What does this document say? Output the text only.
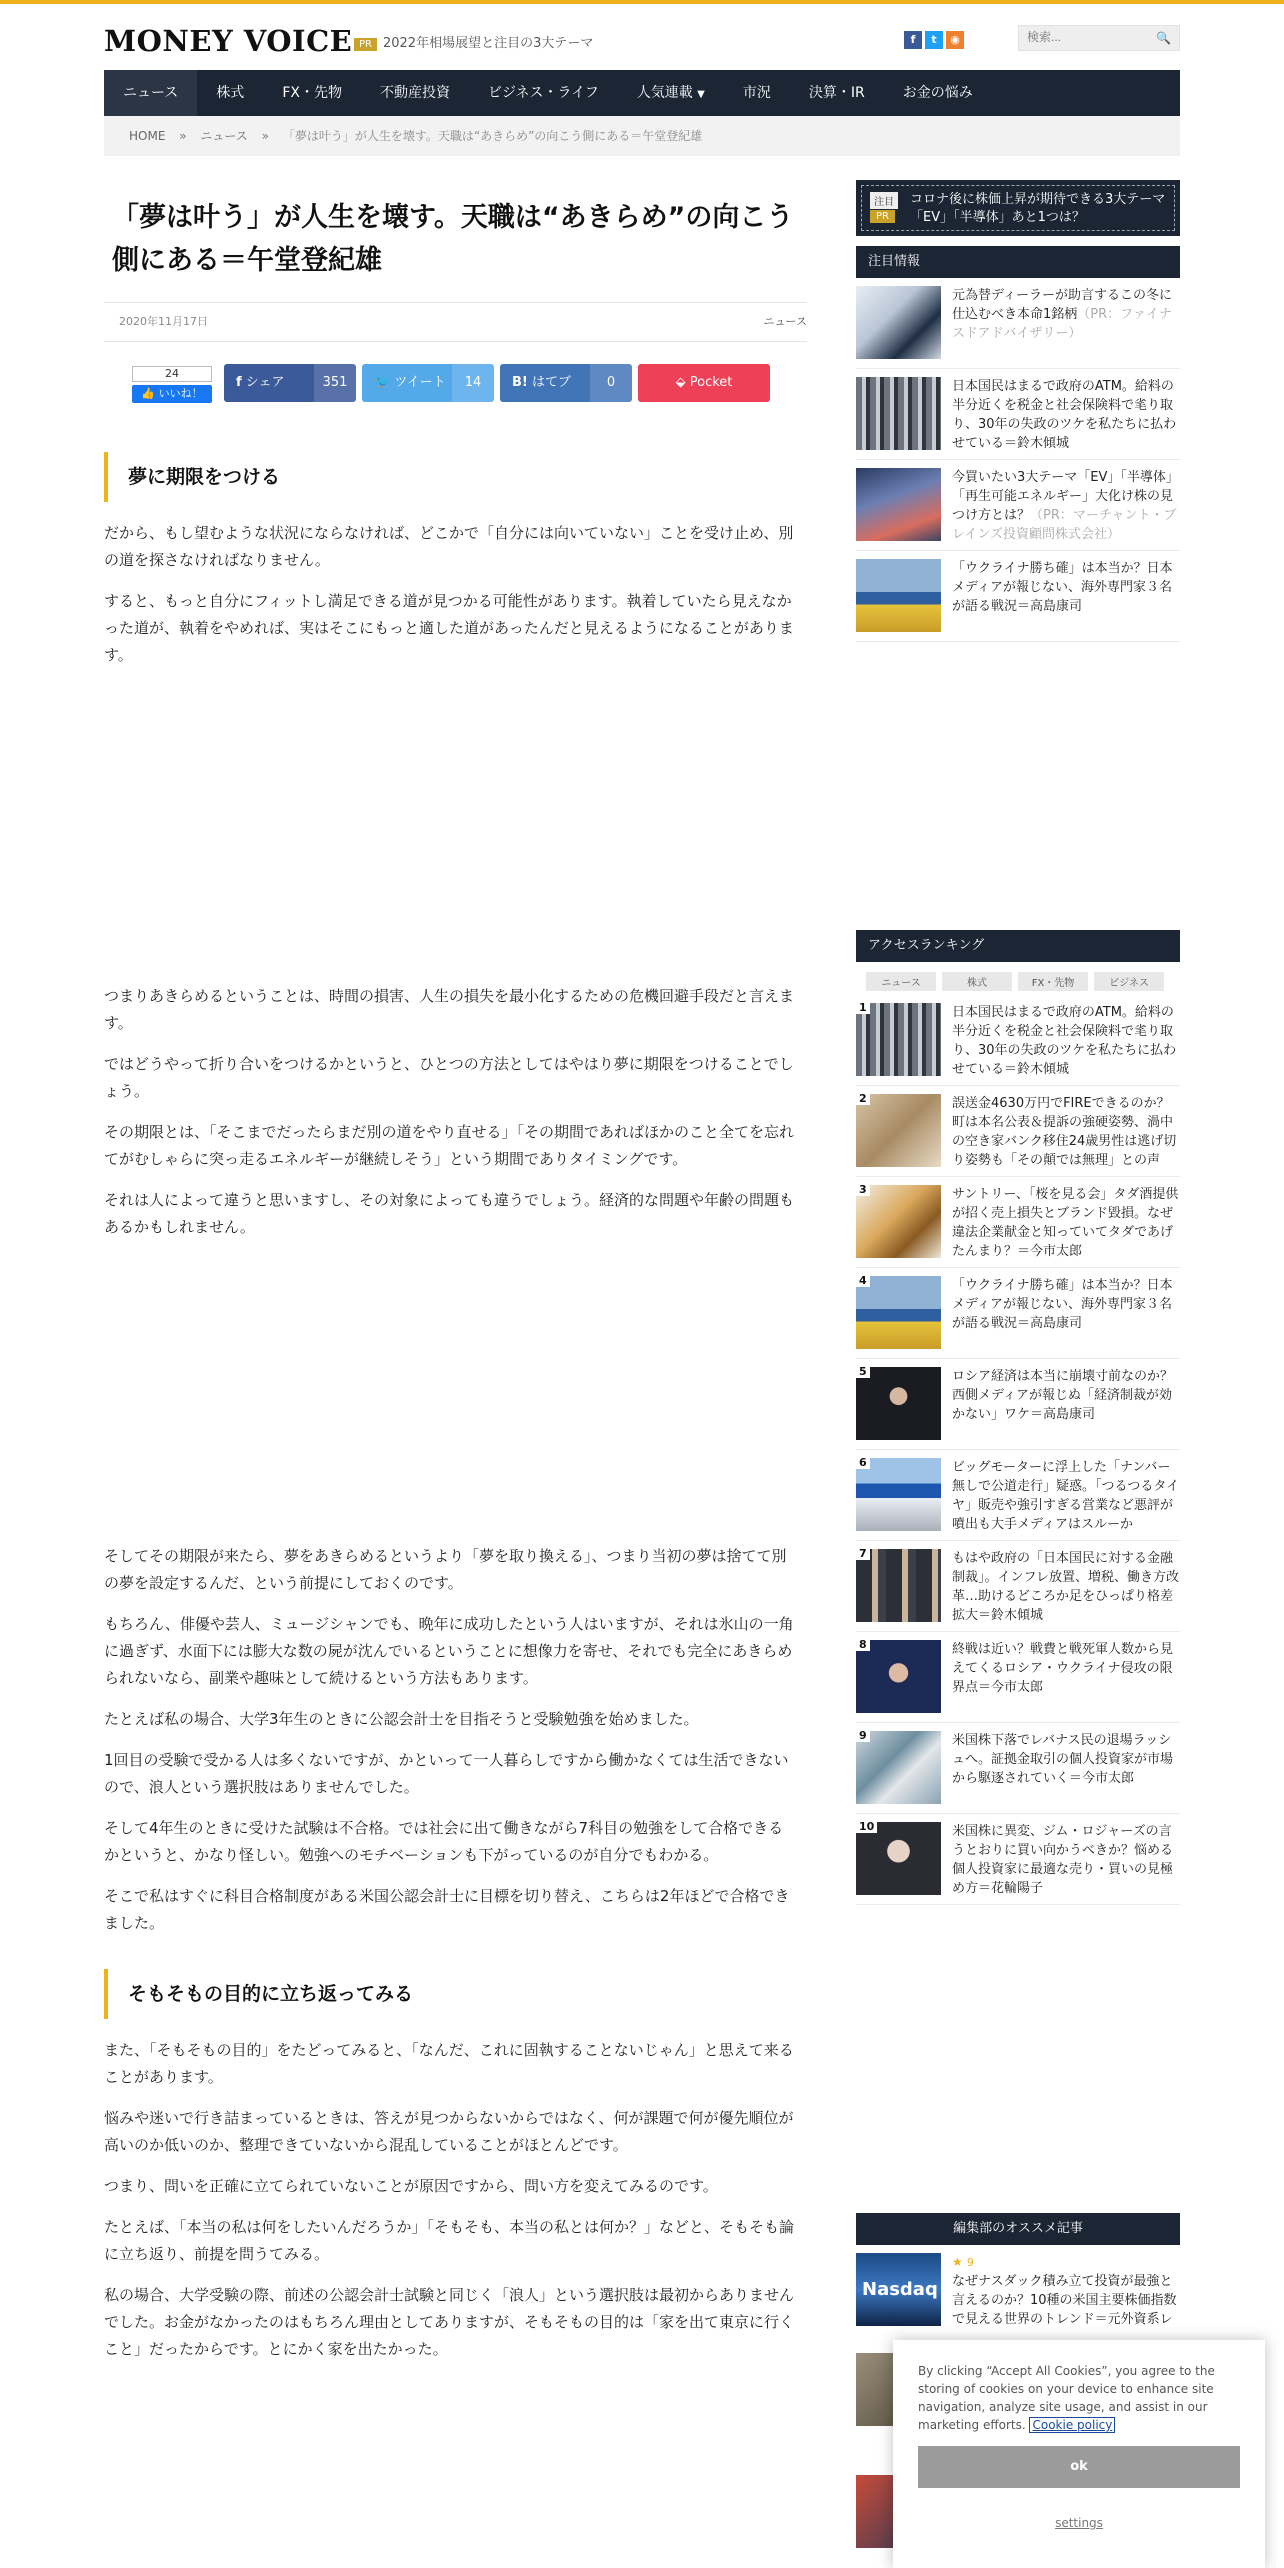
MONEY VOICE PR 2022年相場展望と注目の3大テーマ	f t ◉
検索...	🔍
ニュース	株式	FX・先物	不動産投資	ビジネス・ライフ	人気連載 ▼	市況	決算・IR	お金の悩み
HOME » ニュース » 「夢は叶う」が人生を壊す。天職は“あきらめ”の向こう側にある＝午堂登紀雄
「夢は叶う」が人生を壊す。天職は“あきらめ”の向こう側にある＝午堂登紀雄
2020年11月17日	ニュース
24
👍 いいね！
f シェア	351	🐦 ツイート	14	B! はてブ	0	⬙ Pocket
夢に期限をつける
だから、もし望むような状況にならなければ、どこかで「自分には向いていない」ことを受け止め、別の道を探さなければなりません。
すると、もっと自分にフィットし満足できる道が見つかる可能性があります。執着していたら見えなかった道が、執着をやめれば、実はそこにもっと適した道があったんだと見えるようになることがあります。
つまりあきらめるということは、時間の損害、人生の損失を最小化するための危機回避手段だと言えます。
ではどうやって折り合いをつけるかというと、ひとつの方法としてはやはり夢に期限をつけることでしょう。
その期限とは、「そこまでだったらまだ別の道をやり直せる」「その期間であればほかのこと全てを忘れてがむしゃらに突っ走るエネルギーが継続しそう」という期間でありタイミングです。
それは人によって違うと思いますし、その対象によっても違うでしょう。経済的な問題や年齢の問題もあるかもしれません。
そしてその期限が来たら、夢をあきらめるというより「夢を取り換える」、つまり当初の夢は捨てて別の夢を設定するんだ、という前提にしておくのです。
もちろん、俳優や芸人、ミュージシャンでも、晩年に成功したという人はいますが、それは氷山の一角に過ぎず、水面下には膨大な数の屍が沈んでいるということに想像力を寄せ、それでも完全にあきらめられないなら、副業や趣味として続けるという方法もあります。
たとえば私の場合、大学3年生のときに公認会計士を目指そうと受験勉強を始めました。
1回目の受験で受かる人は多くないですが、かといって一人暮らしですから働かなくては生活できないので、浪人という選択肢はありませんでした。
そして4年生のときに受けた試験は不合格。では社会に出て働きながら7科目の勉強をして合格できるかというと、かなり怪しい。勉強へのモチベーションも下がっているのが自分でもわかる。
そこで私はすぐに科目合格制度がある米国公認会計士に目標を切り替え、こちらは2年ほどで合格できました。
そもそもの目的に立ち返ってみる
また、「そもそもの目的」をたどってみると、「なんだ、これに固執することないじゃん」と思えて来ることがあります。
悩みや迷いで行き詰まっているときは、答えが見つからないからではなく、何が課題で何が優先順位が高いのか低いのか、整理できていないから混乱していることがほとんどです。
つまり、問いを正確に立てられていないことが原因ですから、問い方を変えてみるのです。
たとえば、「本当の私は何をしたいんだろうか」「そもそも、本当の私とは何か？」などと、そもそも論に立ち返り、前提を問うてみる。
私の場合、大学受験の際、前述の公認会計士試験と同じく「浪人」という選択肢は最初からありませんでした。お金がなかったのはもちろん理由としてありますが、そもそもの目的は「家を出て東京に行くこと」だったからです。とにかく家を出たかった。
注目
PR
コロナ後に株価上昇が期待できる3大テーマ「EV」「半導体」あと1つは？
注目情報
元為替ディーラーが助言するこの冬に仕込むべき本命1銘柄（PR：ファイナスドアドバイザリー）
日本国民はまるで政府のATM。給料の半分近くを税金と社会保険料で毟り取り、30年の失政のツケを私たちに払わせている＝鈴木傾城
今買いたい3大テーマ「EV」「半導体」「再生可能エネルギー」大化け株の見つけ方とは？（PR：マーチャント・ブレインズ投資顧問株式会社）
「ウクライナ勝ち確」は本当か？日本メディアが報じない、海外専門家３名が語る戦況＝高島康司
アクセスランキング
ニュース	株式	FX・先物	ビジネス
1	日本国民はまるで政府のATM。給料の半分近くを税金と社会保険料で毟り取り、30年の失政のツケを私たちに払わせている＝鈴木傾城
2	誤送金4630万円でFIREできるのか？町は本名公表＆提訴の強硬姿勢、渦中の空き家バンク移住24歳男性は逃げ切り姿勢も「その顛では無理」との声
3	サントリー、「桜を見る会」タダ酒提供が招く売上損失とブランド毀損。なぜ違法企業献金と知っていてタダであげたんまり？＝今市太郎
4	「ウクライナ勝ち確」は本当か？日本メディアが報じない、海外専門家３名が語る戦況＝高島康司
5	ロシア経済は本当に崩壊寸前なのか？西側メディアが報じぬ「経済制裁が効かない」ワケ＝高島康司
6	ビッグモーターに浮上した「ナンバー無しで公道走行」疑惑。「つるつるタイヤ」販売や強引すぎる営業など悪評が噴出も大手メディアはスルーか
7	もはや政府の「日本国民に対する金融制裁」。インフレ放置、増税、働き方改革…助けるどころか足をひっぱり格差拡大＝鈴木傾城
8	終戦は近い？戦費と戦死軍人数から見えてくるロシア・ウクライナ侵攻の限界点＝今市太郎
9	米国株下落でレバナス民の退場ラッシュへ。証拠金取引の個人投資家が市場から駆逐されていく＝今市太郎
10	米国株に異変、ジム・ロジャーズの言うとおりに買い向かうべきか？悩める個人投資家に最適な売り・買いの見極め方＝花輪陽子
編集部のオススメ記事
Nasdaq
★ 9
なぜナスダック積み立て投資が最強と言えるのか？10種の米国主要株価指数で見える世界のトレンド＝元外資系レ
By clicking “Accept All Cookies”, you agree to the storing of cookies on your device to enhance site navigation, analyze site usage, and assist in our marketing efforts. Cookie policy
ok
settings
